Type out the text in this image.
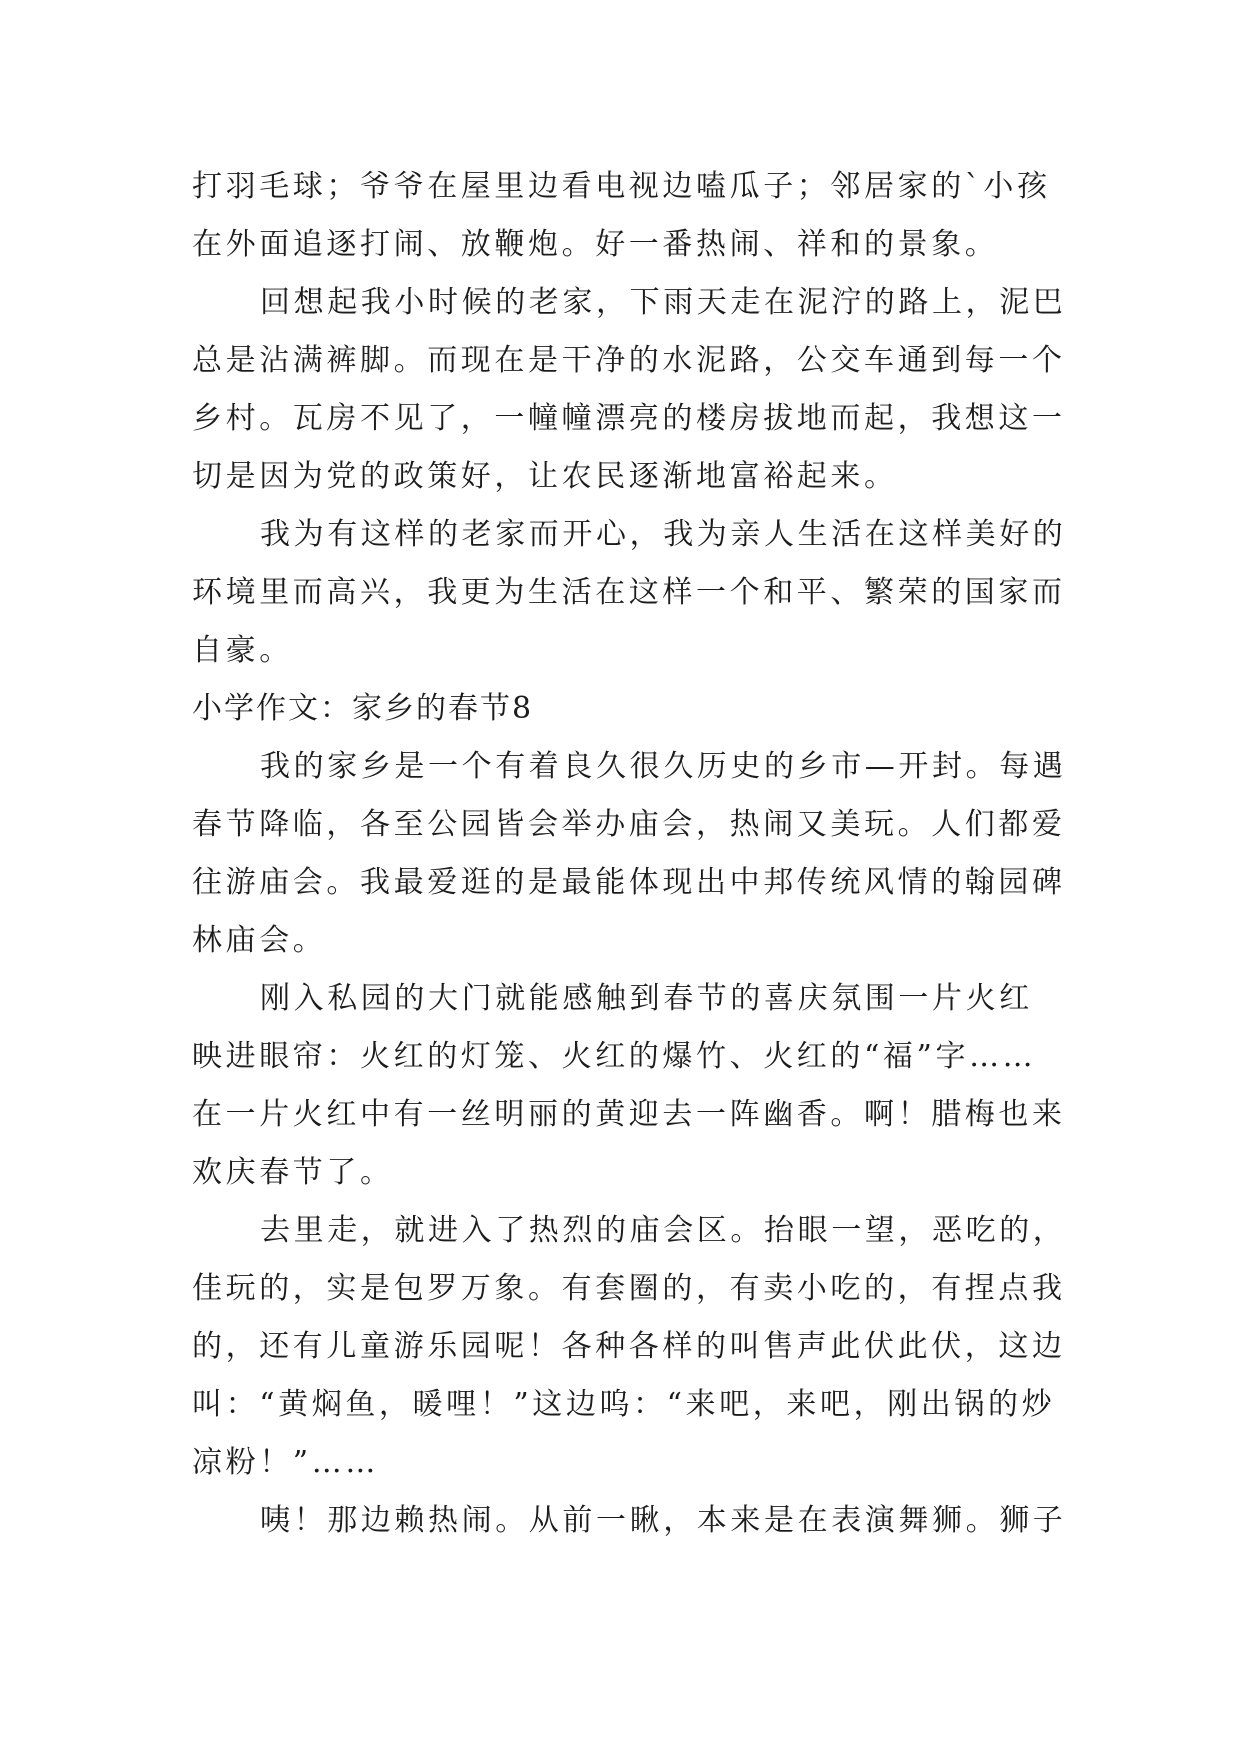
打羽毛球；爷爷在屋里边看电视边嗑瓜子；邻居家的`小孩
在外面追逐打闹、放鞭炮。好一番热闹、祥和的景象。
回想起我小时候的老家，下雨天走在泥泞的路上，泥巴
总是沾满裤脚。而现在是干净的水泥路，公交车通到每一个
乡村。瓦房不见了，一幢幢漂亮的楼房拔地而起，我想这一
切是因为党的政策好，让农民逐渐地富裕起来。
我为有这样的老家而开心，我为亲人生活在这样美好的
环境里而高兴，我更为生活在这样一个和平、繁荣的国家而
自豪。
小学作文：家乡的春节8
我的家乡是一个有着良久很久历史的乡市—开封。每遇
春节降临，各至公园皆会举办庙会，热闹又美玩。人们都爱
往游庙会。我最爱逛的是最能体现出中邦传统风情的翰园碑
林庙会。
刚入私园的大门就能感触到春节的喜庆氛围一片火红
映进眼帘：火红的灯笼、火红的爆竹、火红的“福”字……
在一片火红中有一丝明丽的黄迎去一阵幽香。啊！腊梅也来
欢庆春节了。
去里走，就进入了热烈的庙会区。抬眼一望，恶吃的，
佳玩的，实是包罗万象。有套圈的，有卖小吃的，有捏点我
的，还有儿童游乐园呢！各种各样的叫售声此伏此伏，这边
叫：“黄焖鱼，暖哩！”这边呜：“来吧，来吧，刚出锅的炒
凉粉！”……
咦！那边赖热闹。从前一瞅，本来是在表演舞狮。狮子
